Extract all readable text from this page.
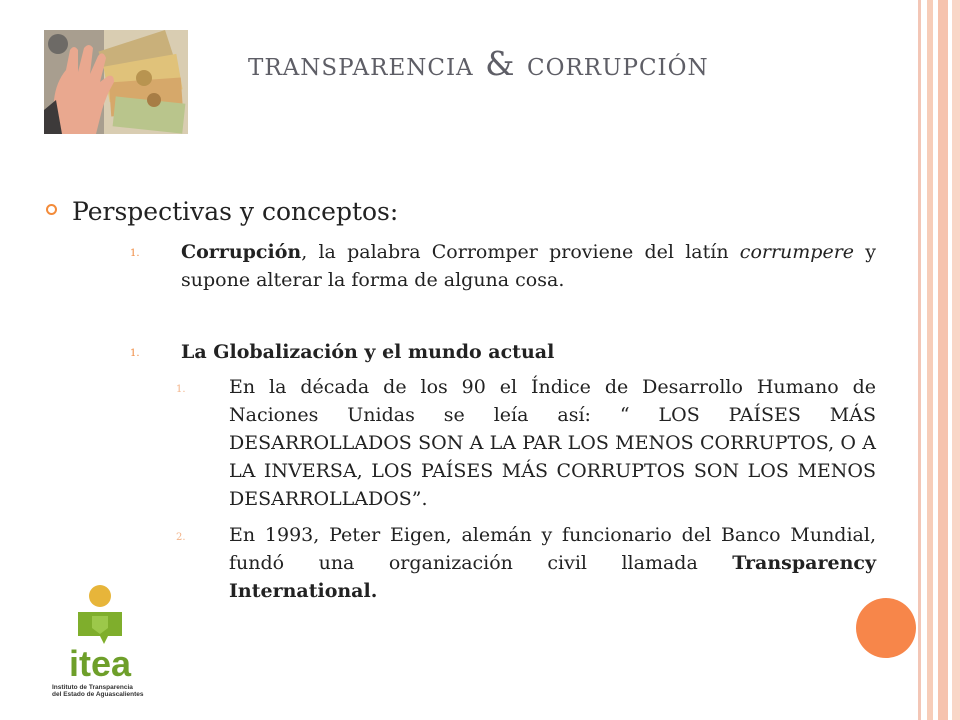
transparencia & corrupción
Perspectivas y conceptos:
1. Corrupción, la palabra Corromper proviene del latín corrumpere y supone alterar la forma de alguna cosa.
1. La Globalización y el mundo actual
1. En la década de los 90 el Índice de Desarrollo Humano de Naciones Unidas se leía así: “ LOS PAÍSES MÁS DESARROLLADOS SON A LA PAR LOS MENOS CORRUPTOS, O A LA INVERSA, LOS PAÍSES MÁS CORRUPTOS SON LOS MENOS DESARROLLADOS”.
2. En 1993, Peter Eigen, alemán y funcionario del Banco Mundial, fundó una organización civil llamada Transparency International.
itea
Instituto de Transparencia
del Estado de Aguascalientes
